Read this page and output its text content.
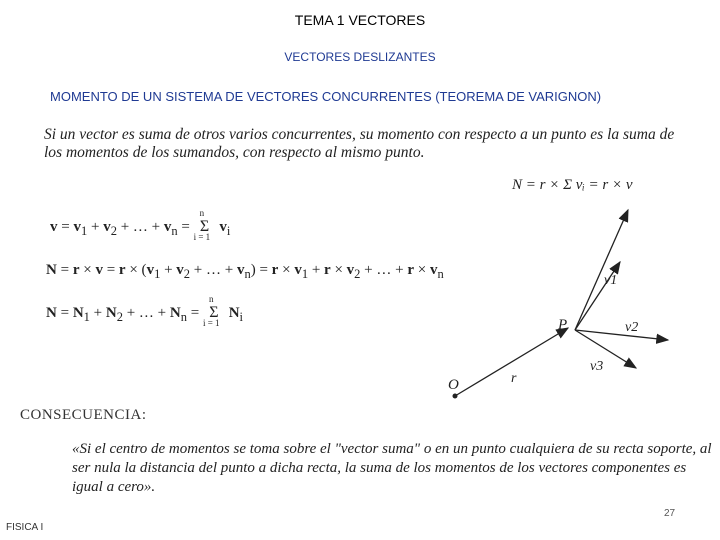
TEMA 1 VECTORES
VECTORES DESLIZANTES
MOMENTO DE UN SISTEMA DE VECTORES CONCURRENTES (TEOREMA DE VARIGNON)
Si un vector es suma de otros varios concurrentes, su momento con respecto a un punto es la suma de los momentos de los sumandos, con respecto al mismo punto.
$v = v_1 + v_2$ + … + $v_n$ =
n
Σ
i = 1
$v_i$
$N = r \times v = r \times (v_1 + v_2$ + … + $v_n) = r \times v_1 + r \times v_2$ + … + $r \times v_n$
$N = N_1 + N_2$ + … + $N_n$ =
n
Σ
i = 1
$N_i$
N = r × Σ vᵢ = r × v
O
P
r
v1
v2
v3
CONSECUENCIA:
«Si el centro de momentos se toma sobre el "vector suma" o en un punto cualquiera de su recta soporte, al ser nula la distancia del punto a dicha recta, la suma de los momentos de los vectores componentes es igual a cero».
27
FISICA I
